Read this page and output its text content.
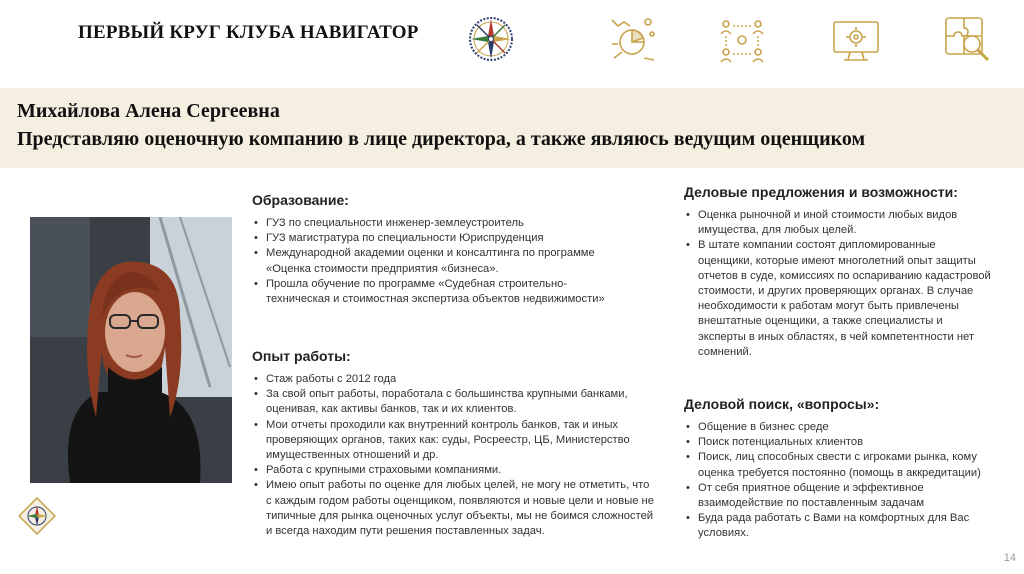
ПЕРВЫЙ КРУГ КЛУБА НАВИГАТОР
Михайлова Алена Сергеевна
Представляю оценочную компанию в лице директора, а также являюсь ведущим оценщиком
Образование:
• ГУЗ по специальности инженер-землеустроитель
• ГУЗ магистратура по специальности Юриспруденция
• Международной академии оценки и консалтинга по программе «Оценка стоимости предприятия «бизнеса».
• Прошла обучение по программе «Судебная строительно-техническая и стоимостная экспертиза объектов недвижимости»
Опыт работы:
• Стаж работы с 2012 года
• За свой опыт работы, поработала с большинства крупными банками, оценивая, как активы банков, так и их клиентов.
• Мои отчеты проходили как внутренний контроль банков, так и иных проверяющих органов, таких как: суды, Росреестр, ЦБ, Министерство имущественных отношений и др.
• Работа с крупными страховыми компаниями.
• Имею опыт работы по оценке для любых целей, не могу не отметить, что с каждым годом работы оценщиком, появляются и новые цели и новые не типичные для рынка оценочных услуг объекты, мы не боимся сложностей и всегда находим пути решения поставленных задач.
Деловые предложения и возможности:
• Оценка рыночной и иной стоимости любых видов имущества, для любых целей.
• В штате компании состоят дипломированные оценщики, которые имеют многолетний опыт защиты отчетов в суде, комиссиях по оспариванию кадастровой стоимости, и других проверяющих органах. В случае необходимости к работам могут быть привлечены внештатные оценщики, а также специалисты и эксперты в иных областях, в чей компетентности нет сомнений.
Деловой поиск, «вопросы»:
• Общение в бизнес среде
• Поиск потенциальных клиентов
• Поиск, лиц способных свести с игроками рынка, кому оценка требуется постоянно (помощь в аккредитации)
• От себя приятное общение и эффективное взаимодействие по поставленным задачам
• Буда рада работать с Вами на комфортных для Вас условиях.
14
